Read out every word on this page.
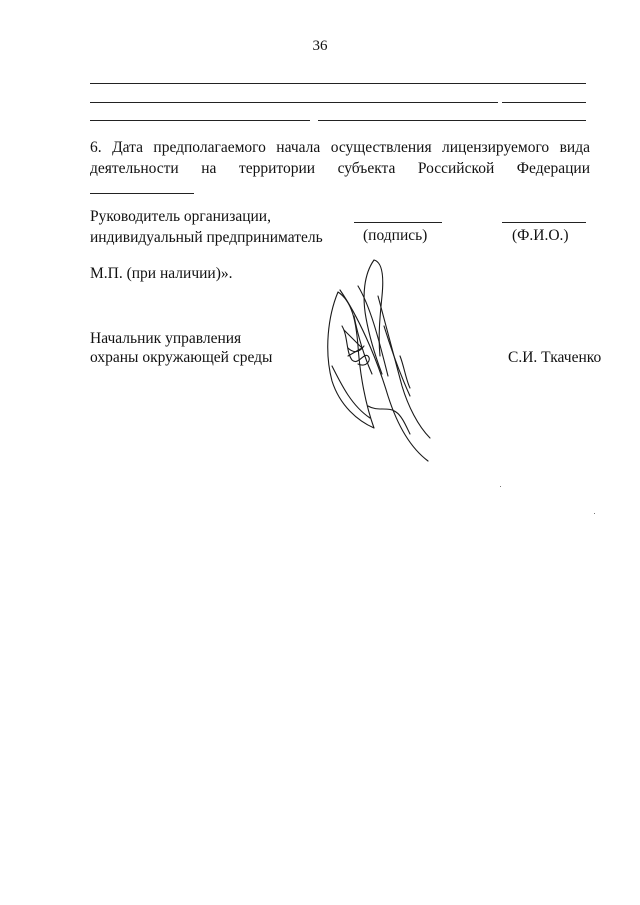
36
6. Дата предполагаемого начала осуществления лицензируемого вида деятельности на территории субъекта Российской Федерации
Руководитель организации,
индивидуальный предприниматель	(подпись)	(Ф.И.О.)
М.П. (при наличии)».
Начальник управления
охраны окружающей среды	С.И. Ткаченко
